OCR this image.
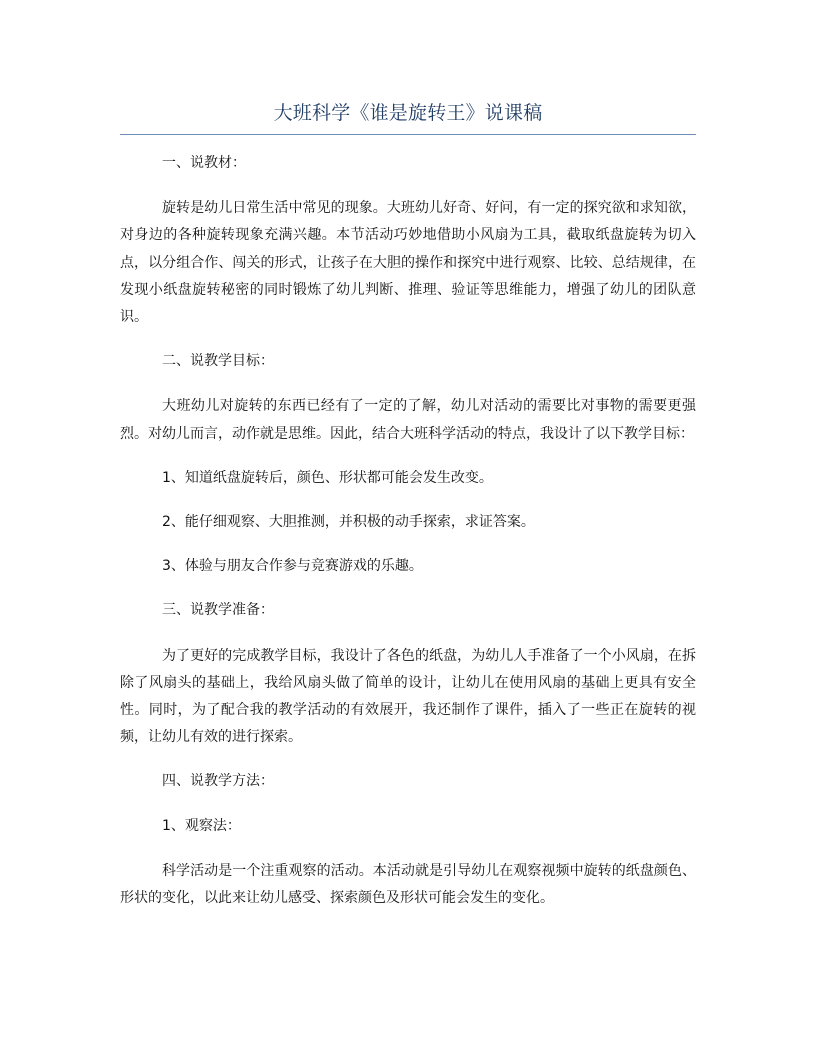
大班科学《谁是旋转王》说课稿

一、说教材：

旋转是幼儿日常生活中常见的现象。大班幼儿好奇、好问，有一定的探究欲和求知欲，对身边的各种旋转现象充满兴趣。本节活动巧妙地借助小风扇为工具，截取纸盘旋转为切入点，以分组合作、闯关的形式，让孩子在大胆的操作和探究中进行观察、比较、总结规律，在发现小纸盘旋转秘密的同时锻炼了幼儿判断、推理、验证等思维能力，增强了幼儿的团队意识。

二、说教学目标：

大班幼儿对旋转的东西已经有了一定的了解，幼儿对活动的需要比对事物的需要更强烈。对幼儿而言，动作就是思维。因此，结合大班科学活动的特点，我设计了以下教学目标：

1、知道纸盘旋转后，颜色、形状都可能会发生改变。

2、能仔细观察、大胆推测，并积极的动手探索，求证答案。

3、体验与朋友合作参与竞赛游戏的乐趣。

三、说教学准备：

为了更好的完成教学目标，我设计了各色的纸盘，为幼儿人手准备了一个小风扇，在拆除了风扇头的基础上，我给风扇头做了简单的设计，让幼儿在使用风扇的基础上更具有安全性。同时，为了配合我的教学活动的有效展开，我还制作了课件，插入了一些正在旋转的视频，让幼儿有效的进行探索。

四、说教学方法：

1、观察法：

科学活动是一个注重观察的活动。本活动就是引导幼儿在观察视频中旋转的纸盘颜色、形状的变化，以此来让幼儿感受、探索颜色及形状可能会发生的变化。
